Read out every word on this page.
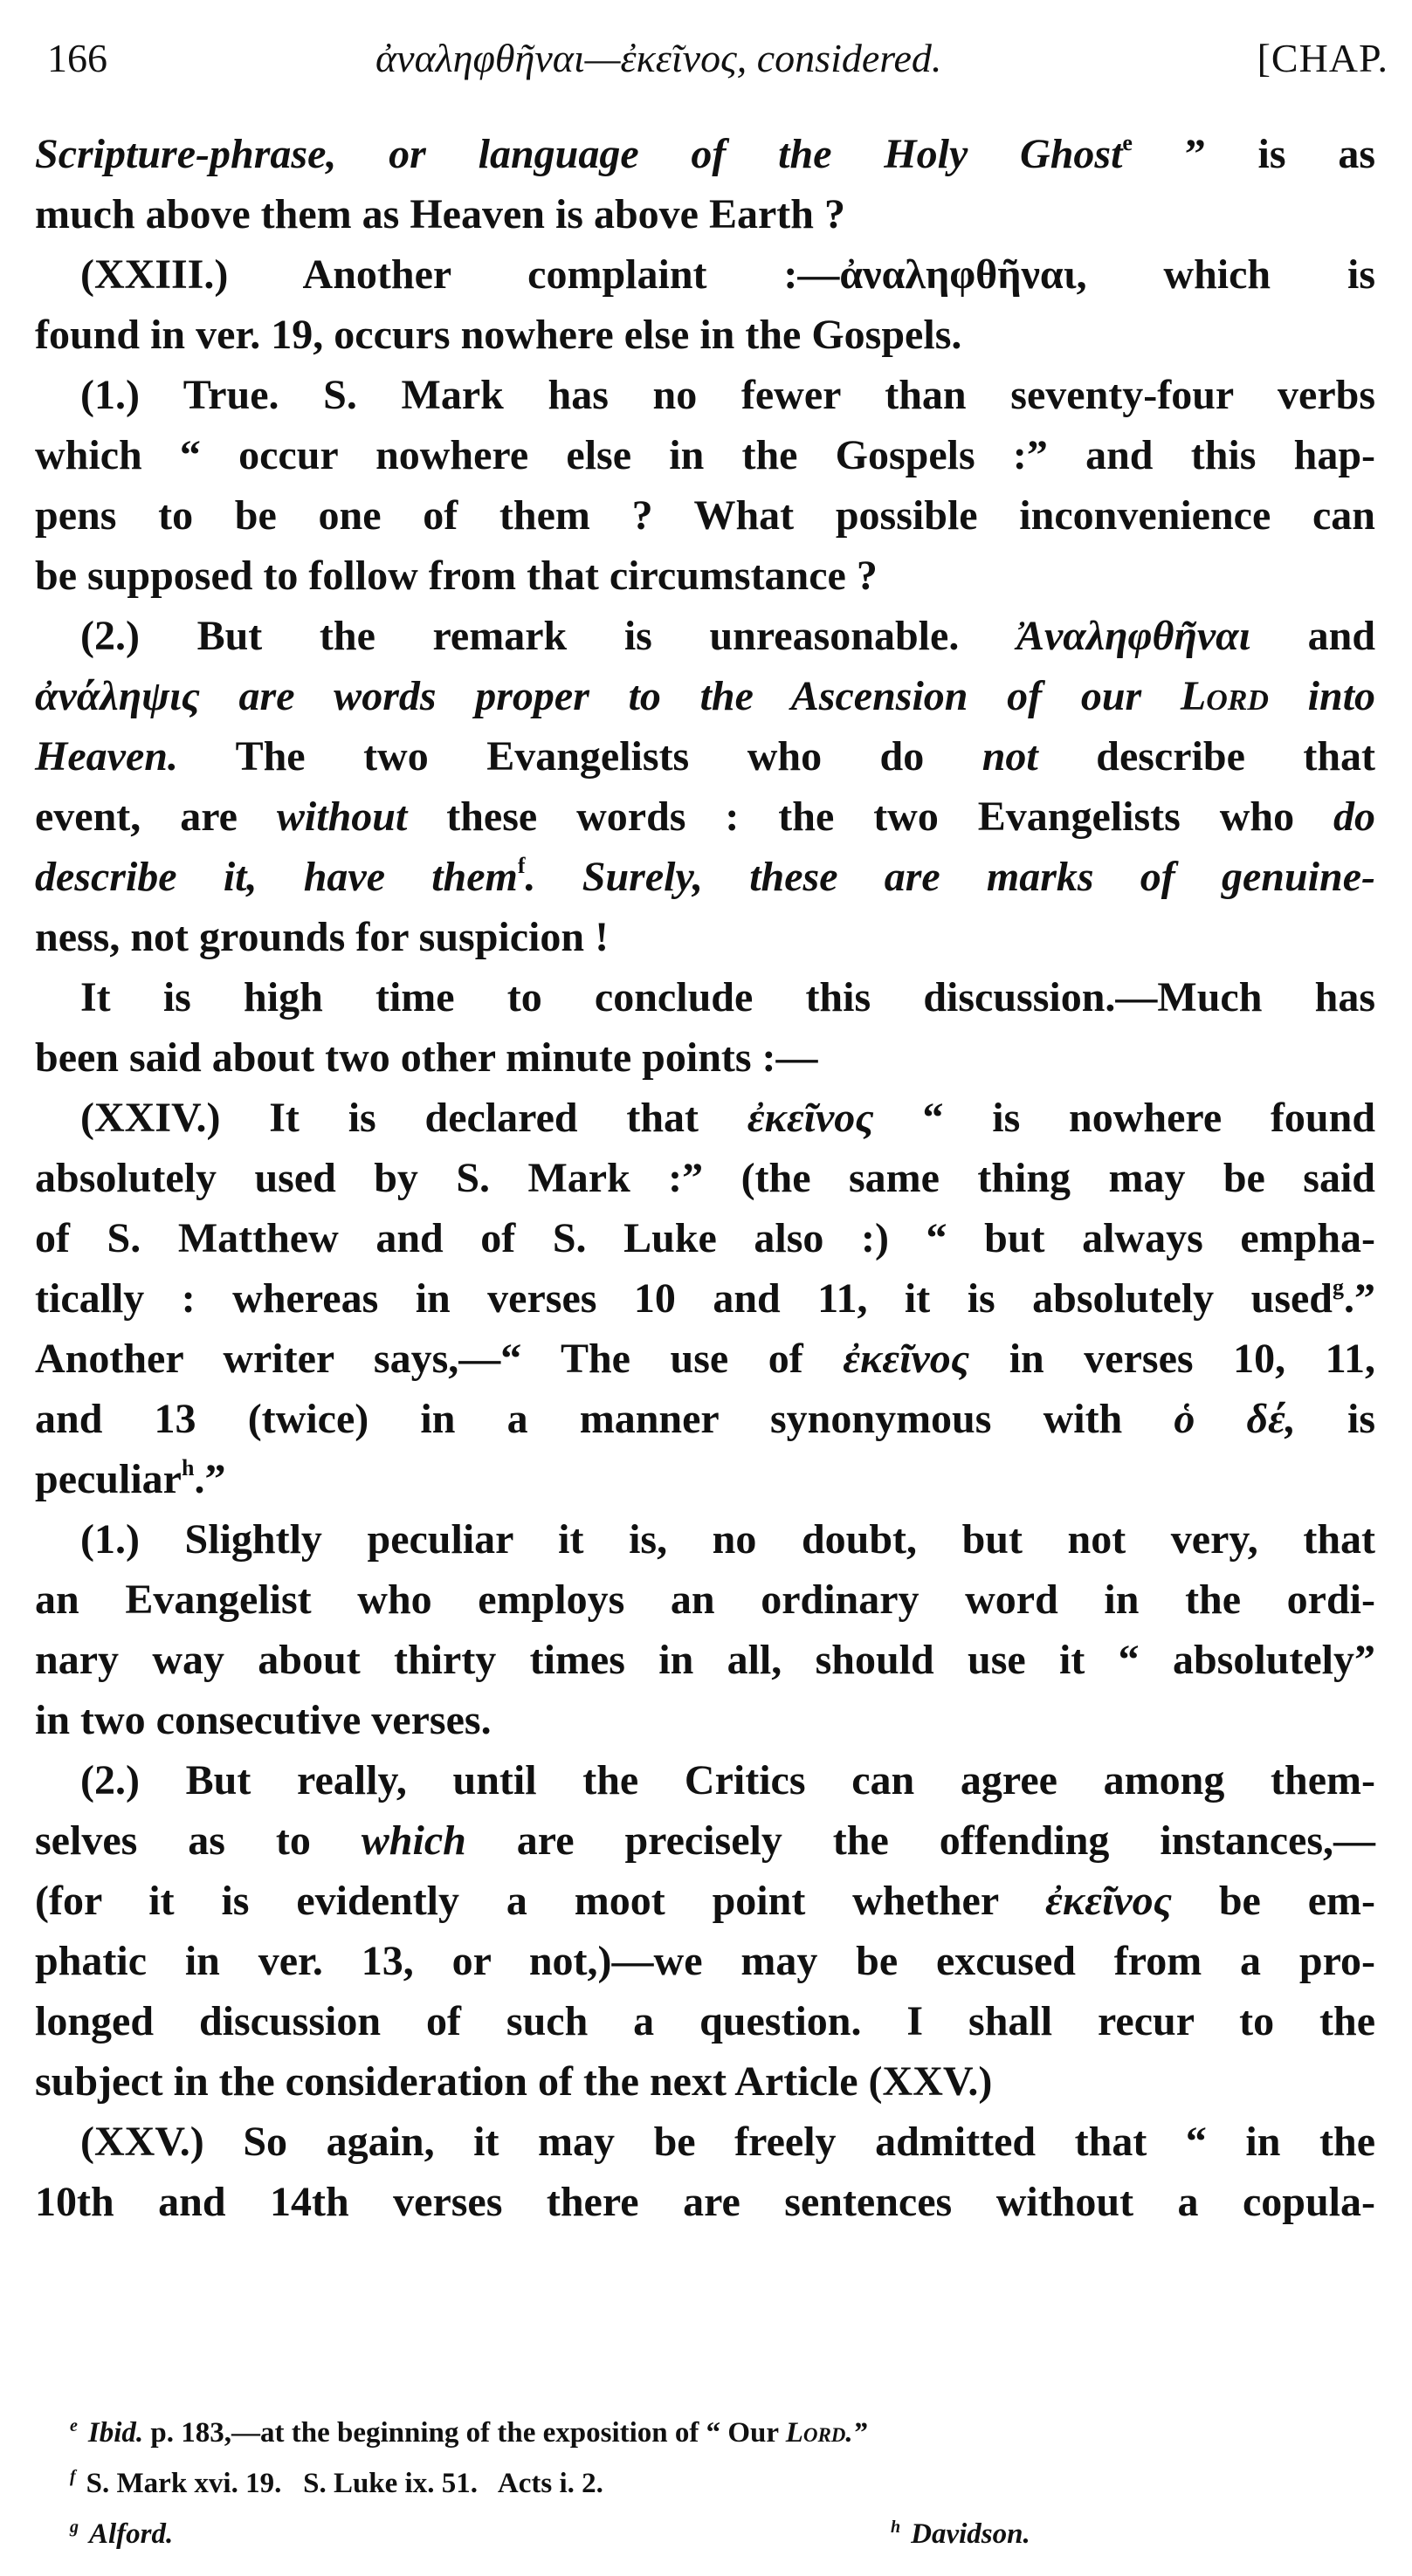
166	ἀναληφθῆναι—ἐκεῖνος, considered.	[CHAP.
Scripture-phrase, or language of the Holy Ghost$^e$ ” is as
much above them as Heaven is above Earth ?
(XXIII.) Another complaint :—ἀναληφθῆναι, which is
found in ver. 19, occurs nowhere else in the Gospels.
(1.) True. S. Mark has no fewer than seventy-four verbs
which “ occur nowhere else in the Gospels :” and this hap-
pens to be one of them ? What possible inconvenience can
be supposed to follow from that circumstance ?
(2.) But the remark is unreasonable. Ἀναληφθῆναι and
ἀνάληψις are words proper to the Ascension of our Lord into
Heaven. The two Evangelists who do not describe that
event, are without these words : the two Evangelists who do
describe it, have them$^f$. Surely, these are marks of genuine-
ness, not grounds for suspicion !
It is high time to conclude this discussion.—Much has
been said about two other minute points :—
(XXIV.) It is declared that ἐκεῖνος “ is nowhere found
absolutely used by S. Mark :” (the same thing may be said
of S. Matthew and of S. Luke also :) “ but always empha-
tically : whereas in verses 10 and 11, it is absolutely used$^g$.”
Another writer says,—“ The use of ἐκεῖνος in verses 10, 11,
and 13 (twice) in a manner synonymous with ὁ δέ, is
peculiar$^h$.”
(1.) Slightly peculiar it is, no doubt, but not very, that
an Evangelist who employs an ordinary word in the ordi-
nary way about thirty times in all, should use it “ absolutely”
in two consecutive verses.
(2.) But really, until the Critics can agree among them-
selves as to which are precisely the offending instances,—
(for it is evidently a moot point whether ἐκεῖνος be em-
phatic in ver. 13, or not,)—we may be excused from a pro-
longed discussion of such a question. I shall recur to the
subject in the consideration of the next Article (XXV.)
(XXV.) So again, it may be freely admitted that “ in the
10th and 14th verses there are sentences without a copula-
$^e$ Ibid. p. 183,—at the beginning of the exposition of “ Our Lord.”
$^f$ S. Mark xvi. 19.   S. Luke ix. 51.   Acts i. 2.
$^g$ Alford.	$^h$ Davidson.
